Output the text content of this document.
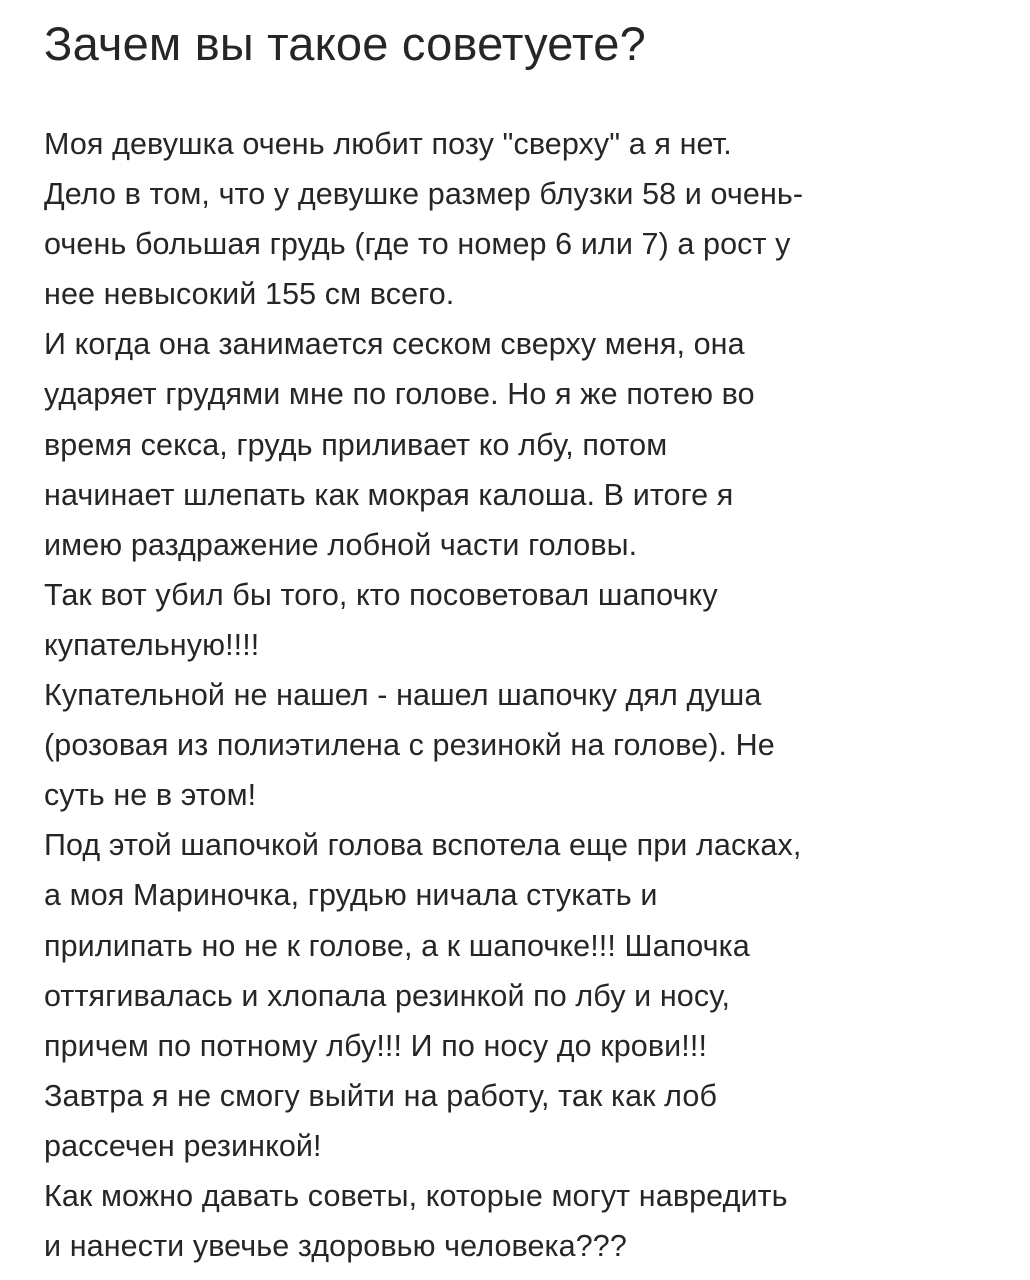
Зачем вы такое советуете?
Моя девушка очень любит позу "сверху" а я нет.
Дело в том, что у девушке размер блузки 58 и очень-
очень большая грудь (где то номер 6 или 7) а рост у
нее невысокий 155 см всего.
И когда она занимается сеском сверху меня, она
ударяет грудями мне по голове. Но я же потею во
время секса, грудь приливает ко лбу, потом
начинает шлепать как мокрая калоша. В итоге я
имею раздражение лобной части головы.
Так вот убил бы того, кто посоветовал шапочку
купательную!!!!
Купательной не нашел - нашел шапочку дял душа
(розовая из полиэтилена с резинокй на голове). Не
суть не в этом!
Под этой шапочкой голова вспотела еще при ласках,
а моя Мариночка, грудью ничала стукать и
прилипать но не к голове, а к шапочке!!! Шапочка
оттягивалась и хлопала резинкой по лбу и носу,
причем по потному лбу!!! И по носу до крови!!!
Завтра я не смогу выйти на работу, так как лоб
рассечен резинкой!
Как можно давать советы, которые могут навредить
и нанести увечье здоровью человека???
